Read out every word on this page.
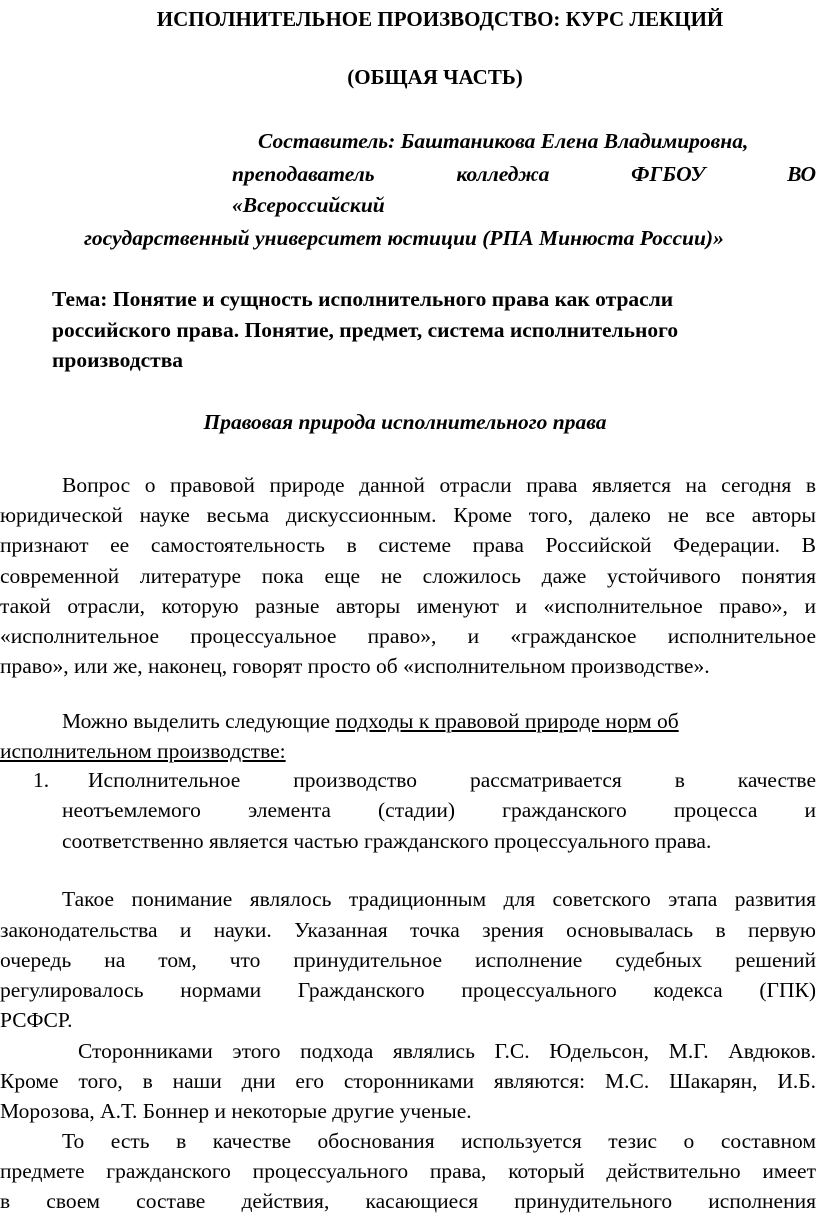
ИСПОЛНИТЕЛЬНОЕ ПРОИЗВОДСТВО: КУРС ЛЕКЦИЙ
(ОБЩАЯ ЧАСТЬ)
Составитель: Баштаникова Елена Владимировна,
преподаватель	колледжа	ФГБОУ	ВО
«Всероссийский
государственный университет юстиции (РПА Минюста России)»
Тема: Понятие и сущность исполнительного права как отрасли
российского права. Понятие, предмет, система исполнительного
производства
Правовая природа исполнительного права
Вопрос о правовой природе данной отрасли права является на сегодня в
юридической науке весьма дискуссионным. Кроме того, далеко не все авторы
признают ее самостоятельность в системе права Российской Федерации. В
современной литературе пока еще не сложилось даже устойчивого понятия
такой отрасли, которую разные авторы именуют и «исполнительное право», и
«исполнительное процессуальное право», и «гражданское исполнительное
право», или же, наконец, говорят просто об «исполнительном производстве».
Можно выделить следующие подходы к правовой природе норм об
исполнительном производстве:
1. Исполнительное производство рассматривается в качестве
неотъемлемого элемента (стадии) гражданского процесса и
соответственно является частью гражданского процессуального права.
Такое понимание являлось традиционным для советского этапа развития
законодательства и науки. Указанная точка зрения основывалась в первую
очередь на том, что принудительное исполнение судебных решений
регулировалось нормами Гражданского процессуального кодекса (ГПК)
РСФСР.
Сторонниками этого подхода являлись Г.С. Юдельсон, М.Г. Авдюков.
Кроме того, в наши дни его сторонниками являются: М.С. Шакарян, И.Б.
Морозова, А.Т. Боннер и некоторые другие ученые.
То есть в качестве обоснования используется тезис о составном
предмете гражданского процессуального права, который действительно имеет
в своем составе действия, касающиеся принудительного исполнения
